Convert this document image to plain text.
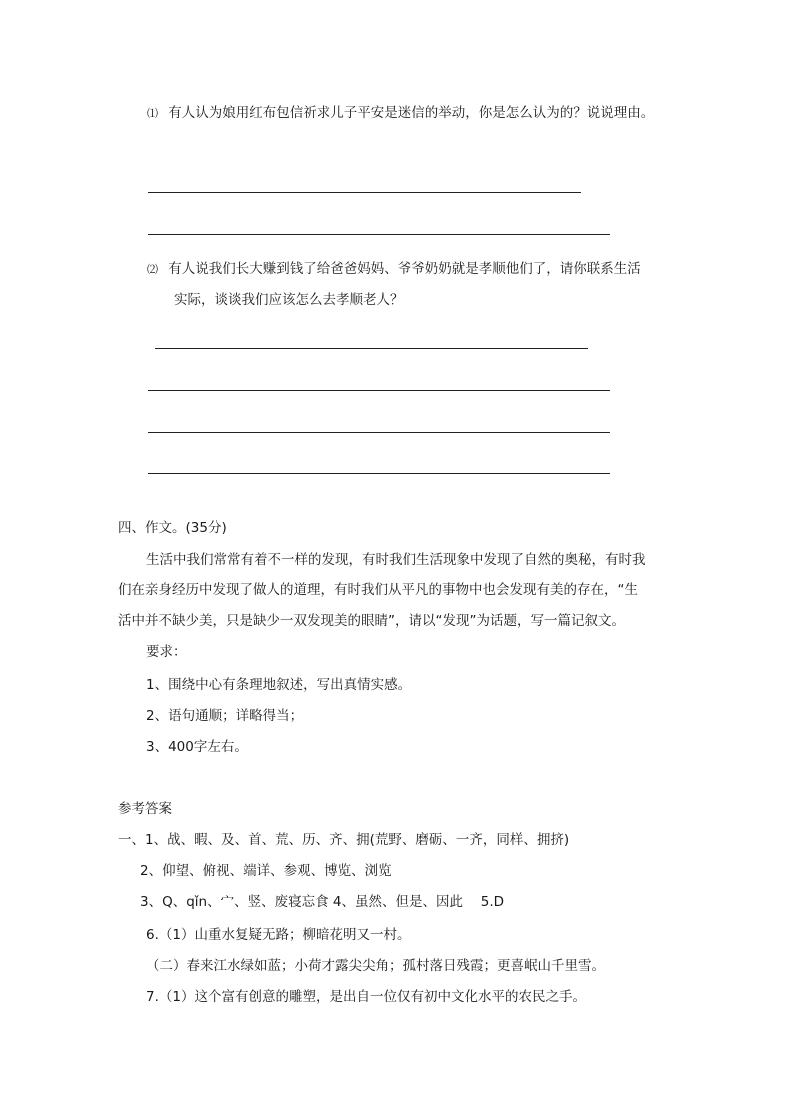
⑴ 有人认为娘用红布包信祈求儿子平安是迷信的举动，你是怎么认为的？说说理由。
⑵ 有人说我们长大赚到钱了给爸爸妈妈、爷爷奶奶就是孝顺他们了，请你联系生活
实际，谈谈我们应该怎么去孝顺老人？
四、作文。(35分)
生活中我们常常有着不一样的发现，有时我们生活现象中发现了自然的奥秘，有时我
们在亲身经历中发现了做人的道理，有时我们从平凡的事物中也会发现有美的存在，“生
活中并不缺少美，只是缺少一双发现美的眼睛”，请以“发现”为话题，写一篇记叙文。
要求：
1、围绕中心有条理地叙述，写出真情实感。
2、语句通顺；详略得当；
3、400字左右。
参考答案
一、1、战、暇、及、首、荒、历、齐、拥(荒野、磨砺、一齐，同样、拥挤)
2、仰望、俯视、端详、参观、博览、浏览
3、Q、qǐn、宀、竖、废寝忘食 4、虽然、但是、因此　 5.D
6.（1）山重水复疑无路；柳暗花明又一村。
（二）春来江水绿如蓝；小荷才露尖尖角；孤村落日残霞；更喜岷山千里雪。
7.（1）这个富有创意的雕塑，是出自一位仅有初中文化水平的农民之手。
